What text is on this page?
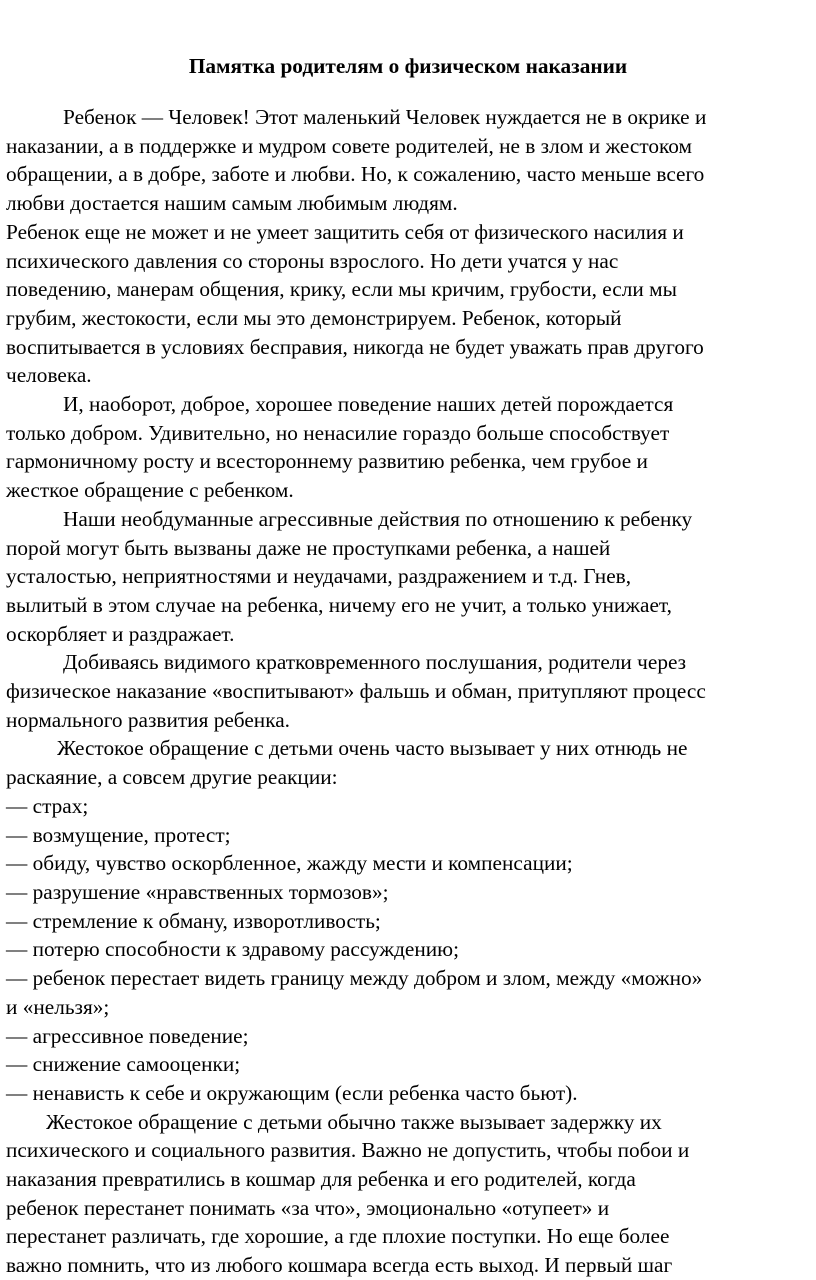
Памятка родителям о физическом наказании

Ребенок — Человек! Этот маленький Человек нуждается не в окрике и

наказании, а в поддержке и мудром совете родителей, не в злом и жестоком

обращении, а в добре, заботе и любви. Но, к сожалению, часто меньше всего

любви достается нашим самым любимым людям.

Ребенок еще не может и не умеет защитить себя от физического насилия и

психического давления со стороны взрослого. Но дети учатся у нас

поведению, манерам общения, крику, если мы кричим, грубости, если мы

грубим, жестокости, если мы это демонстрируем. Ребенок, который

воспитывается в условиях бесправия, никогда не будет уважать прав другого

человека.

И, наоборот, доброе, хорошее поведение наших детей порождается

только добром. Удивительно, но ненасилие гораздо больше способствует

гармоничному росту и всестороннему развитию ребенка, чем грубое и

жесткое обращение с ребенком.

Наши необдуманные агрессивные действия по отношению к ребенку

порой могут быть вызваны даже не проступками ребенка, а нашей

усталостью, неприятностями и неудачами, раздражением и т.д. Гнев,

вылитый в этом случае на ребенка, ничему его не учит, а только унижает,

оскорбляет и раздражает.

Добиваясь видимого кратковременного послушания, родители через

физическое наказание «воспитывают» фальшь и обман, притупляют процесс

нормального развития ребенка.

Жестокое обращение с детьми очень часто вызывает у них отнюдь не

раскаяние, а совсем другие реакции:

— страх;

— возмущение, протест;

— обиду, чувство оскорбленное, жажду мести и компенсации;

— разрушение «нравственных тормозов»;

— стремление к обману, изворотливость;

— потерю способности к здравому рассуждению;

— ребенок перестает видеть границу между добром и злом, между «можно»

и «нельзя»;

— агрессивное поведение;

— снижение самооценки;

— ненависть к себе и окружающим (если ребенка часто бьют).

Жестокое обращение с детьми обычно также вызывает задержку их

психического и социального развития. Важно не допустить, чтобы побои и

наказания превратились в кошмар для ребенка и его родителей, когда

ребенок перестанет понимать «за что», эмоционально «отупеет» и

перестанет различать, где хорошие, а где плохие поступки. Но еще более

важно помнить, что из любого кошмара всегда есть выход. И первый шаг
